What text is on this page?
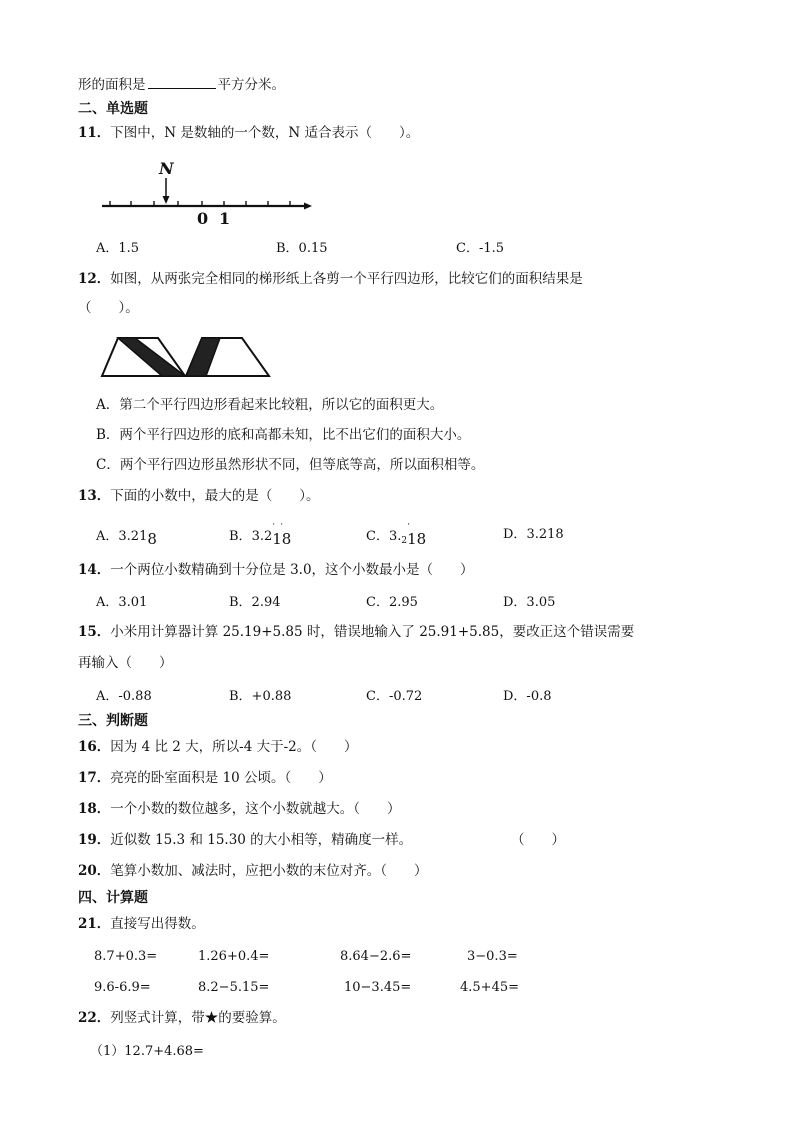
形的面积是	平方分米。
二、单选题
11．下图中，N 是数轴的一个数，N 适合表示（　　）。
N
0 1
A．1.5	B．0.15	C．-1.5
12．如图，从两张完全相同的梯形纸上各剪一个平行四边形，比较它们的面积结果是
（　　）。
A．第二个平行四边形看起来比较粗，所以它的面积更大。
B．两个平行四边形的底和高都未知，比不出它们的面积大小。
C．两个平行四边形虽然形状不同，但等底等高，所以面积相等。
13．下面的小数中，最大的是（　　）。
A．3.218	B．3.2
· ·
18	C．$3._2$
·
18	D．3.218
14．一个两位小数精确到十分位是 3.0，这个小数最小是（　　）
A．3.01	B．2.94	C．2.95	D．3.05
15．小米用计算器计算 25.19+5.85 时，错误地输入了 25.91+5.85，要改正这个错误需要
再输入（　　）
A．-0.88	B．+0.88	C．-0.72	D．-0.8
三、判断题
16．因为 4 比 2 大，所以-4 大于-2。（　　）
17．亮亮的卧室面积是 10 公顷。（　　）
18．一个小数的数位越多，这个小数就越大。（　　）
19．近似数 15.3 和 15.30 的大小相等，精确度一样。	（　　）
20．笔算小数加、减法时，应把小数的末位对齐。（　　）
四、计算题
21．直接写出得数。
8.7+0.3=	1.26+0.4=	8.64−2.6=	3−0.3=
9.6-6.9=	8.2−5.15=	10−3.45=	4.5+45=
22．列竖式计算，带★的要验算。
（1）12.7+4.68=
